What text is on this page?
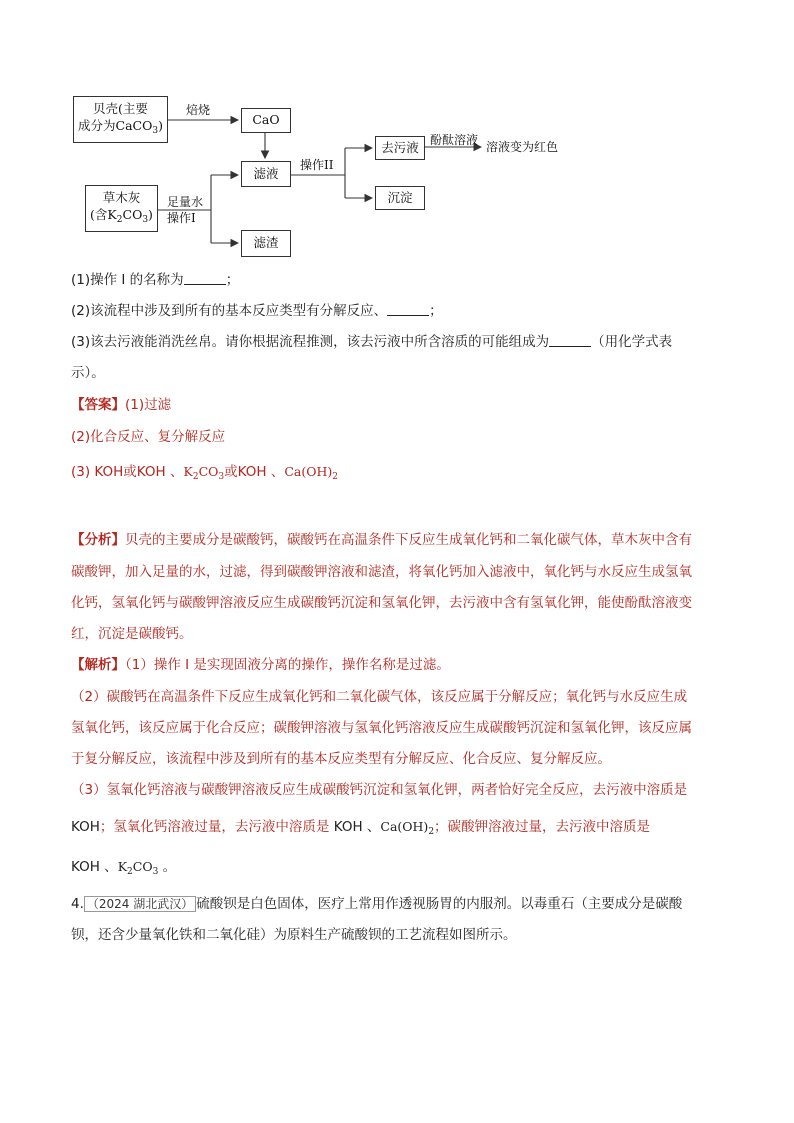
贝壳(主要
成分为CaCO$_3$)	CaO
滤液
草木灰
(含$K_2CO_3$)
滤渣
去污液
沉淀
焙烧
足量水
操作I
操作II
酚酞溶液 溶液变为红色
(1)操作 I 的名称为	；
(2)该流程中涉及到所有的基本反应类型有分解反应、	；
(3)该去污液能消洗丝帛。请你根据流程推测，该去污液中所含溶质的可能组成为	（用化学式表
示）。
【答案】(1)过滤
(2)化合反应、复分解反应
(3) KOH或KOH 、$K_2CO_3$或KOH 、$Ca(OH)_2$
【分析】贝壳的主要成分是碳酸钙，碳酸钙在高温条件下反应生成氧化钙和二氧化碳气体，草木灰中含有
碳酸钾，加入足量的水，过滤，得到碳酸钾溶液和滤渣，将氧化钙加入滤液中，氧化钙与水反应生成氢氧
化钙，氢氧化钙与碳酸钾溶液反应生成碳酸钙沉淀和氢氧化钾，去污液中含有氢氧化钾，能使酚酞溶液变
红，沉淀是碳酸钙。
【解析】（1）操作 I 是实现固液分离的操作，操作名称是过滤。
（2）碳酸钙在高温条件下反应生成氧化钙和二氧化碳气体，该反应属于分解反应；氧化钙与水反应生成
氢氧化钙，该反应属于化合反应；碳酸钾溶液与氢氧化钙溶液反应生成碳酸钙沉淀和氢氧化钾，该反应属
于复分解反应，该流程中涉及到所有的基本反应类型有分解反应、化合反应、复分解反应。
（3）氢氧化钙溶液与碳酸钾溶液反应生成碳酸钙沉淀和氢氧化钾，两者恰好完全反应，去污液中溶质是
KOH；氢氧化钙溶液过量，去污液中溶质是 KOH 、$Ca(OH)_2$；碳酸钾溶液过量，去污液中溶质是
KOH 、$K_2CO_3$ 。
4. （2024 湖北武汉） 硫酸钡是白色固体，医疗上常用作透视肠胃的内服剂。以毒重石（主要成分是碳酸
钡，还含少量氧化铁和二氧化硅）为原料生产硫酸钡的工艺流程如图所示。
